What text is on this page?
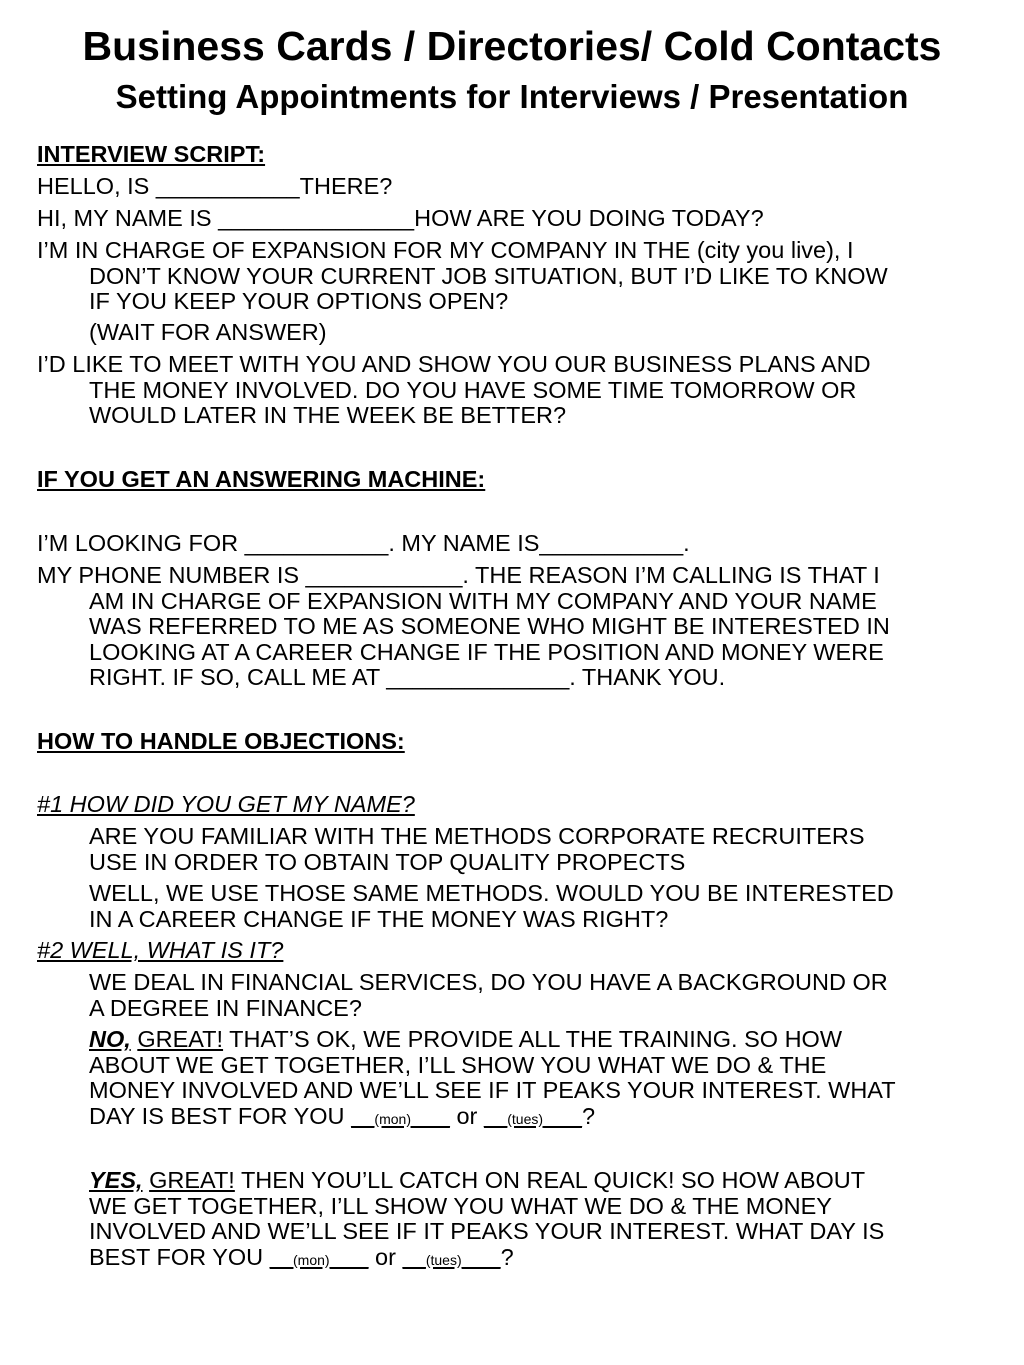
Business Cards / Directories/ Cold Contacts
Setting Appointments for Interviews / Presentation
INTERVIEW SCRIPT:
HELLO, IS ___________THERE?
HI, MY NAME IS _______________HOW ARE YOU DOING TODAY?
I’M IN CHARGE OF EXPANSION FOR MY COMPANY IN THE (city you live), I
DON’T KNOW YOUR CURRENT JOB SITUATION, BUT I’D LIKE TO KNOW
IF YOU KEEP YOUR OPTIONS OPEN?
(WAIT FOR ANSWER)
I’D LIKE TO MEET WITH YOU AND SHOW YOU OUR BUSINESS PLANS AND
THE MONEY INVOLVED. DO YOU HAVE SOME TIME TOMORROW OR
WOULD LATER IN THE WEEK BE BETTER?
IF YOU GET AN ANSWERING MACHINE:
I’M LOOKING FOR ___________. MY NAME IS___________.
MY PHONE NUMBER IS ____________. THE REASON I’M CALLING IS THAT I
AM IN CHARGE OF EXPANSION WITH MY COMPANY AND YOUR NAME
WAS REFERRED TO ME AS SOMEONE WHO MIGHT BE INTERESTED IN
LOOKING AT A CAREER CHANGE IF THE POSITION AND MONEY WERE
RIGHT. IF SO, CALL ME AT ______________. THANK YOU.
HOW TO HANDLE OBJECTIONS:
#1 HOW DID YOU GET MY NAME?
ARE YOU FAMILIAR WITH THE METHODS CORPORATE RECRUITERS
USE IN ORDER TO OBTAIN TOP QUALITY PROPECTS
WELL, WE USE THOSE SAME METHODS. WOULD YOU BE INTERESTED
IN A CAREER CHANGE IF THE MONEY WAS RIGHT?
#2 WELL, WHAT IS IT?
WE DEAL IN FINANCIAL SERVICES, DO YOU HAVE A BACKGROUND OR
A DEGREE IN FINANCE?
NO, GREAT! THAT’S OK, WE PROVIDE ALL THE TRAINING. SO HOW
ABOUT WE GET TOGETHER, I’LL SHOW YOU WHAT WE DO & THE
MONEY INVOLVED AND WE’LL SEE IF IT PEAKS YOUR INTEREST. WHAT
DAY IS BEST FOR YOU ___(mon)_____ or ___(tues)_____?
YES, GREAT! THEN YOU’LL CATCH ON REAL QUICK! SO HOW ABOUT
WE GET TOGETHER, I’LL SHOW YOU WHAT WE DO & THE MONEY
INVOLVED AND WE’LL SEE IF IT PEAKS YOUR INTEREST. WHAT DAY IS
BEST FOR YOU ___(mon)_____ or ___(tues)_____?
